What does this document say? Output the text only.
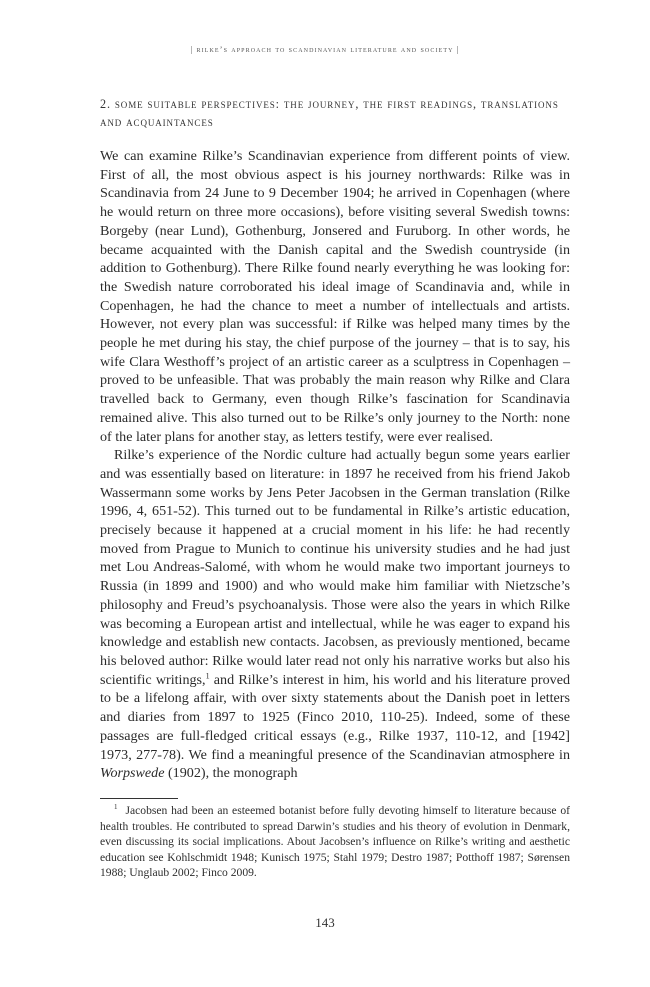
| rilke’s approach to scandinavian literature and society |
2. some suitable perspectives: the journey, the first readings, translations and acquaintances

We can examine Rilke’s Scandinavian experience from different points of view. First of all, the most obvious aspect is his journey northwards: Rilke was in Scandinavia from 24 June to 9 December 1904; he arrived in Copenhagen (where he would return on three more occasions), before visiting several Swedish towns: Borgeby (near Lund), Gothenburg, Jonsered and Furuborg. In other words, he became acquainted with the Danish capital and the Swedish countryside (in addition to Gothenburg). There Rilke found nearly everything he was looking for: the Swedish nature corroborated his ideal image of Scandinavia and, while in Copenhagen, he had the chance to meet a number of intellectuals and artists. However, not every plan was successful: if Rilke was helped many times by the people he met during his stay, the chief purpose of the journey – that is to say, his wife Clara Westhoff’s project of an artistic career as a sculptress in Copenhagen – proved to be unfeasible. That was probably the main reason why Rilke and Clara travelled back to Germany, even though Rilke’s fascination for Scandinavia remained alive. This also turned out to be Rilke’s only journey to the North: none of the later plans for another stay, as letters testify, were ever realised.

Rilke’s experience of the Nordic culture had actually begun some years earlier and was essentially based on literature: in 1897 he received from his friend Jakob Wassermann some works by Jens Peter Jacobsen in the German translation (Rilke 1996, 4, 651-52). This turned out to be fundamental in Rilke’s artistic education, precisely because it happened at a crucial moment in his life: he had recently moved from Prague to Munich to continue his university studies and he had just met Lou Andreas-Salomé, with whom he would make two important journeys to Russia (in 1899 and 1900) and who would make him familiar with Nietzsche’s philosophy and Freud’s psychoanalysis. Those were also the years in which Rilke was becoming a European artist and intellectual, while he was eager to expand his knowledge and establish new contacts. Jacobsen, as previously mentioned, became his beloved author: Rilke would later read not only his narrative works but also his scientific writings,$^1$ and Rilke’s interest in him, his world and his literature proved to be a lifelong affair, with over sixty statements about the Danish poet in letters and diaries from 1897 to 1925 (Finco 2010, 110-25). Indeed, some of these passages are full-fledged critical essays (e.g., Rilke 1937, 110-12, and [1942] 1973, 277-78). We find a meaningful presence of the Scandinavian atmosphere in Worpswede (1902), the monograph

$^1$ Jacobsen had been an esteemed botanist before fully devoting himself to literature because of health troubles. He contributed to spread Darwin’s studies and his theory of evolution in Denmark, even discussing its social implications. About Jacobsen’s influence on Rilke’s writing and aesthetic education see Kohlschmidt 1948; Kunisch 1975; Stahl 1979; Destro 1987; Potthoff 1987; Sørensen 1988; Unglaub 2002; Finco 2009.
143
